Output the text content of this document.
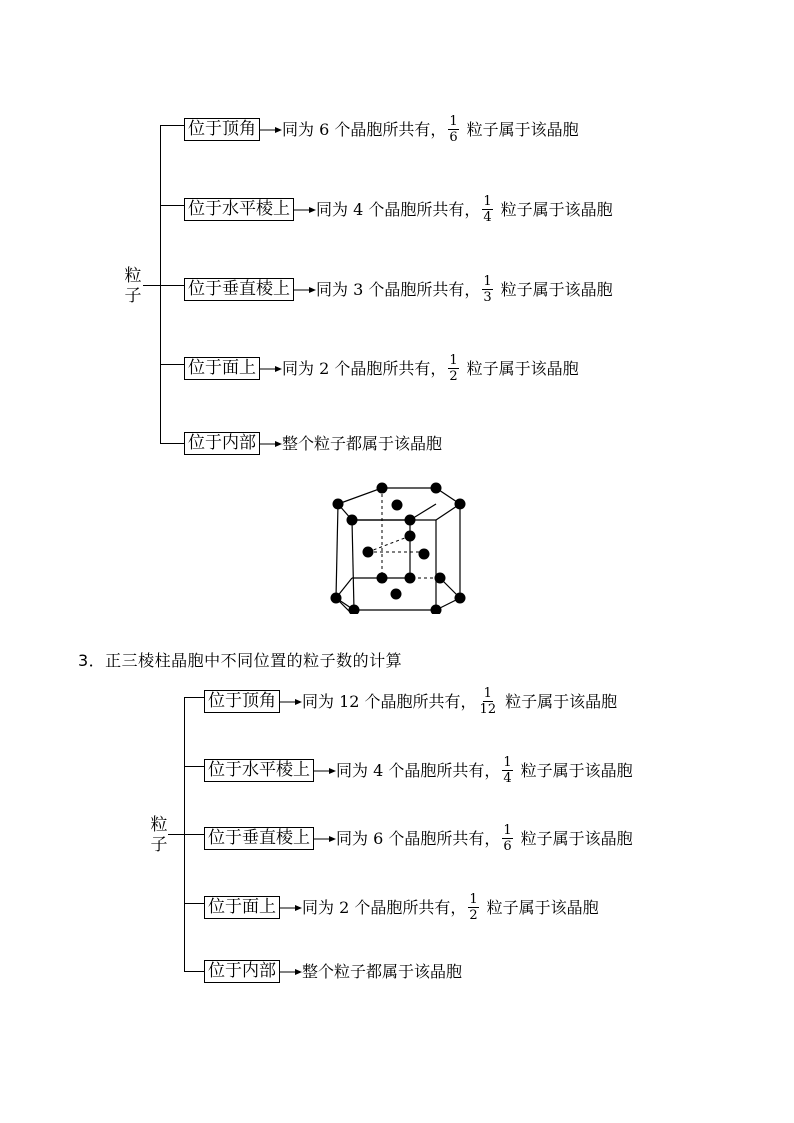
粒
子
位于顶角 同为 6 个晶胞所共有， $\frac{1}{6}$ 粒子属于该晶胞
位于水平棱上 同为 4 个晶胞所共有， $\frac{1}{4}$ 粒子属于该晶胞
位于垂直棱上 同为 3 个晶胞所共有， $\frac{1}{3}$ 粒子属于该晶胞
位于面上 同为 2 个晶胞所共有， $\frac{1}{2}$ 粒子属于该晶胞
位于内部 整个粒子都属于该晶胞
3．正三棱柱晶胞中不同位置的粒子数的计算
粒
子
位于顶角 同为 12 个晶胞所共有， $\frac{1}{12}$ 粒子属于该晶胞
位于水平棱上 同为 4 个晶胞所共有， $\frac{1}{4}$ 粒子属于该晶胞
位于垂直棱上 同为 6 个晶胞所共有， $\frac{1}{6}$ 粒子属于该晶胞
位于面上 同为 2 个晶胞所共有， $\frac{1}{2}$ 粒子属于该晶胞
位于内部 整个粒子都属于该晶胞
